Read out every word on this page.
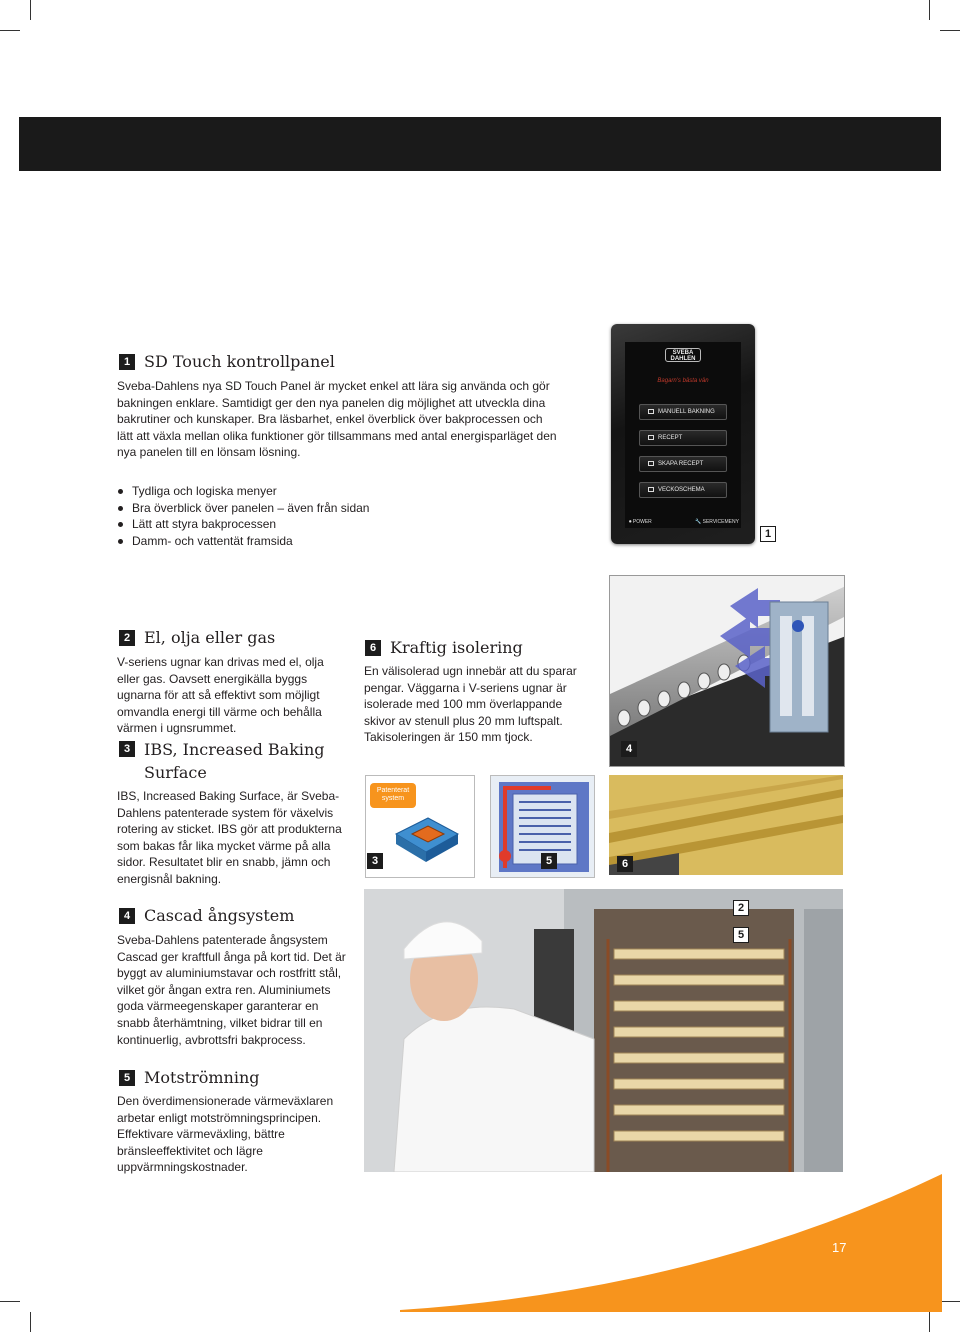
1 SD Touch kontrollpanel
Sveba-Dahlens nya SD Touch Panel är mycket enkel att lära sig använda och gör bakningen enklare. Samtidigt ger den nya panelen dig möjlighet att utveckla dina bakrutiner och kunskaper. Bra läsbarhet, enkel överblick över bakprocessen och lätt att växla mellan olika funktioner gör tillsammans med antal energisparläget den nya panelen till en lönsam lösning.
Tydliga och logiska menyer
Bra överblick över panelen – även från sidan
Lätt att styra bakprocessen
Damm- och vattentät framsida
SVEBA
DAHLEN
Bagarn's bästa vän
MANUELL BAKNING
RECEPT
SKAPA RECEPT
VECKOSCHEMA
⏺ POWER	🔧 SERVICEMENY
1
2 El, olja eller gas
V-seriens ugnar kan drivas med el, olja eller gas. Oavsett energikälla byggs ugnarna för att så effektivt som möjligt omvandla energi till värme och behålla värmen i ugnsrummet.
3 IBS, Increased Baking
Surface
IBS, Increased Baking Surface, är Sveba-Dahlens patenterade system för växelvis rotering av sticket. IBS gör att produkterna som bakas får lika mycket värme på alla sidor. Resultatet blir en snabb, jämn och energisnål bakning.
4 Cascad ångsystem
Sveba-Dahlens patenterade ångsystem Cascad ger kraftfull ånga på kort tid. Det är byggt av aluminiumstavar och rostfritt stål, vilket gör ångan extra ren. Aluminiumets goda värmeegenskaper garanterar en snabb återhämtning, vilket bidrar till en kontinuerlig, avbrottsfri bakprocess.
5 Motströmning
Den överdimensionerade värmeväxlaren arbetar enligt motströmningsprincipen. Effektivare värmeväxling, bättre bränsleeffektivitet och lägre uppvärmningskostnader.
6 Kraftig isolering
En välisolerad ugn innebär att du sparar pengar. Väggarna i V-seriens ugnar är isolerade med 100 mm överlappande skivor av stenull plus 20 mm luftspalt. Takisoleringen är 150 mm tjock.
4
Patenterat
system
3	5	6
2
5
17
